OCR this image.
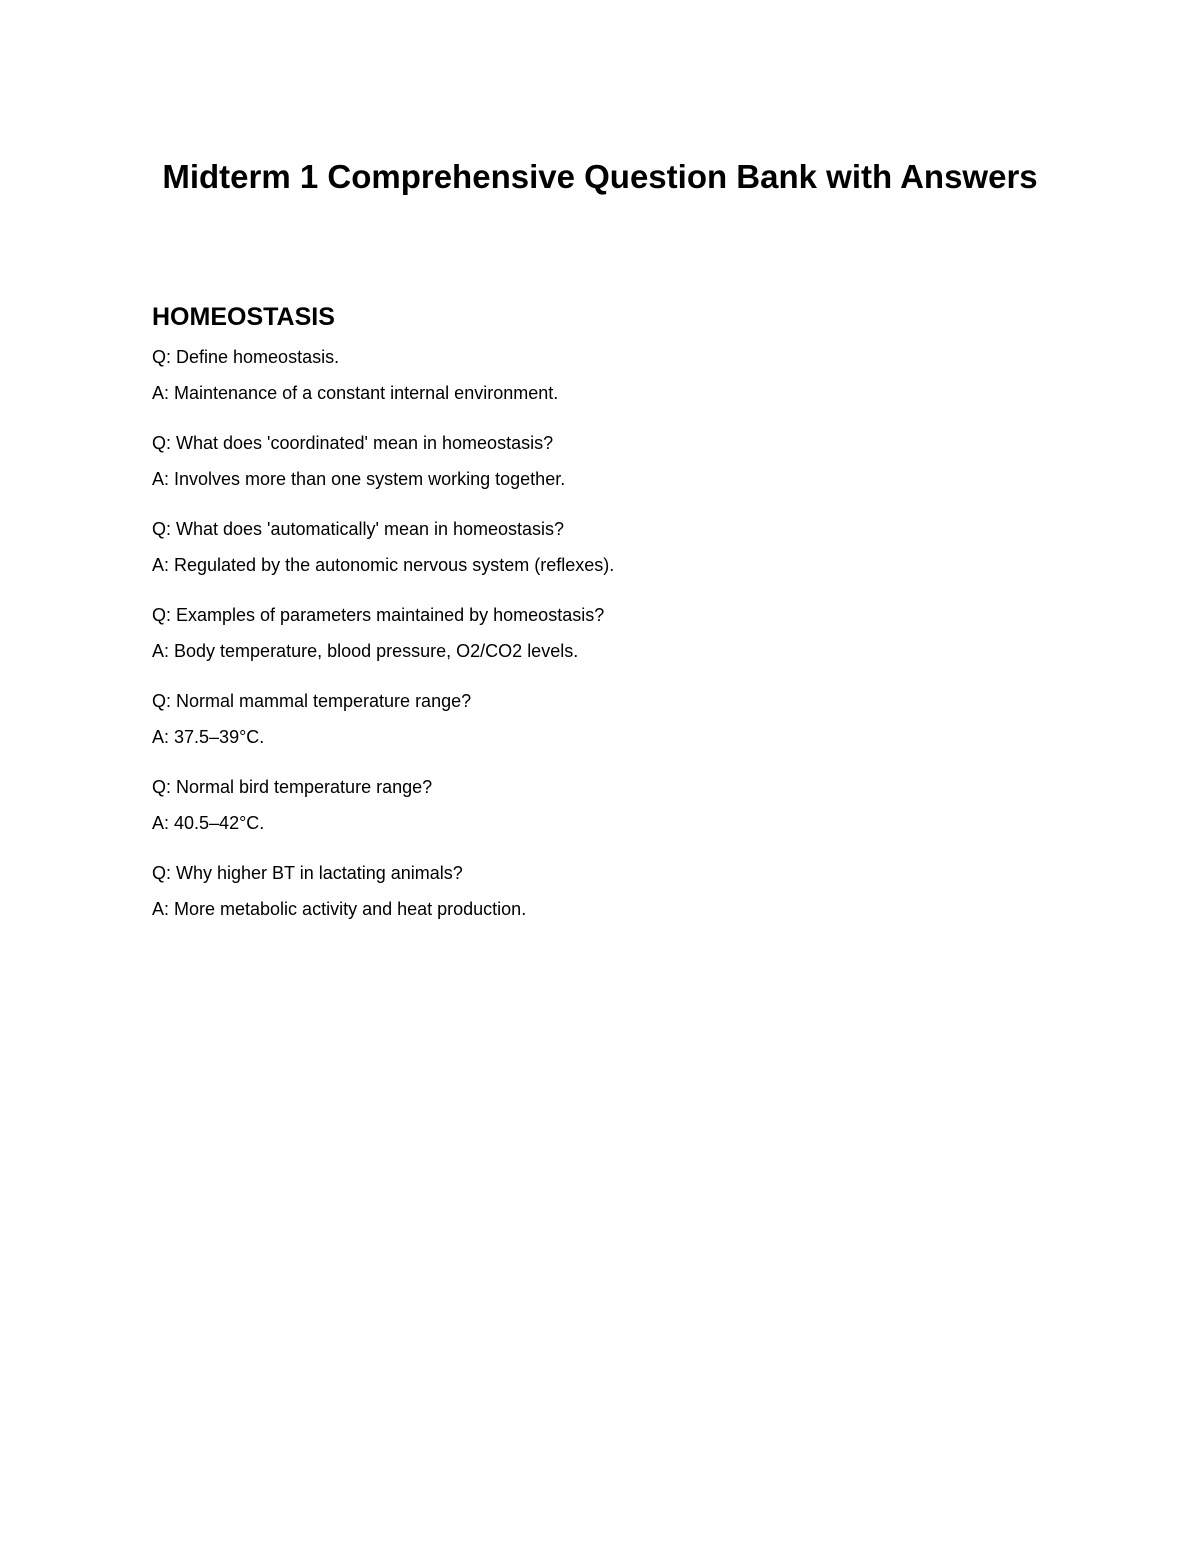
Midterm 1 Comprehensive Question Bank with Answers
HOMEOSTASIS
Q: Define homeostasis.
A: Maintenance of a constant internal environment.
Q: What does 'coordinated' mean in homeostasis?
A: Involves more than one system working together.
Q: What does 'automatically' mean in homeostasis?
A: Regulated by the autonomic nervous system (reflexes).
Q: Examples of parameters maintained by homeostasis?
A: Body temperature, blood pressure, O2/CO2 levels.
Q: Normal mammal temperature range?
A: 37.5–39°C.
Q: Normal bird temperature range?
A: 40.5–42°C.
Q: Why higher BT in lactating animals?
A: More metabolic activity and heat production.
